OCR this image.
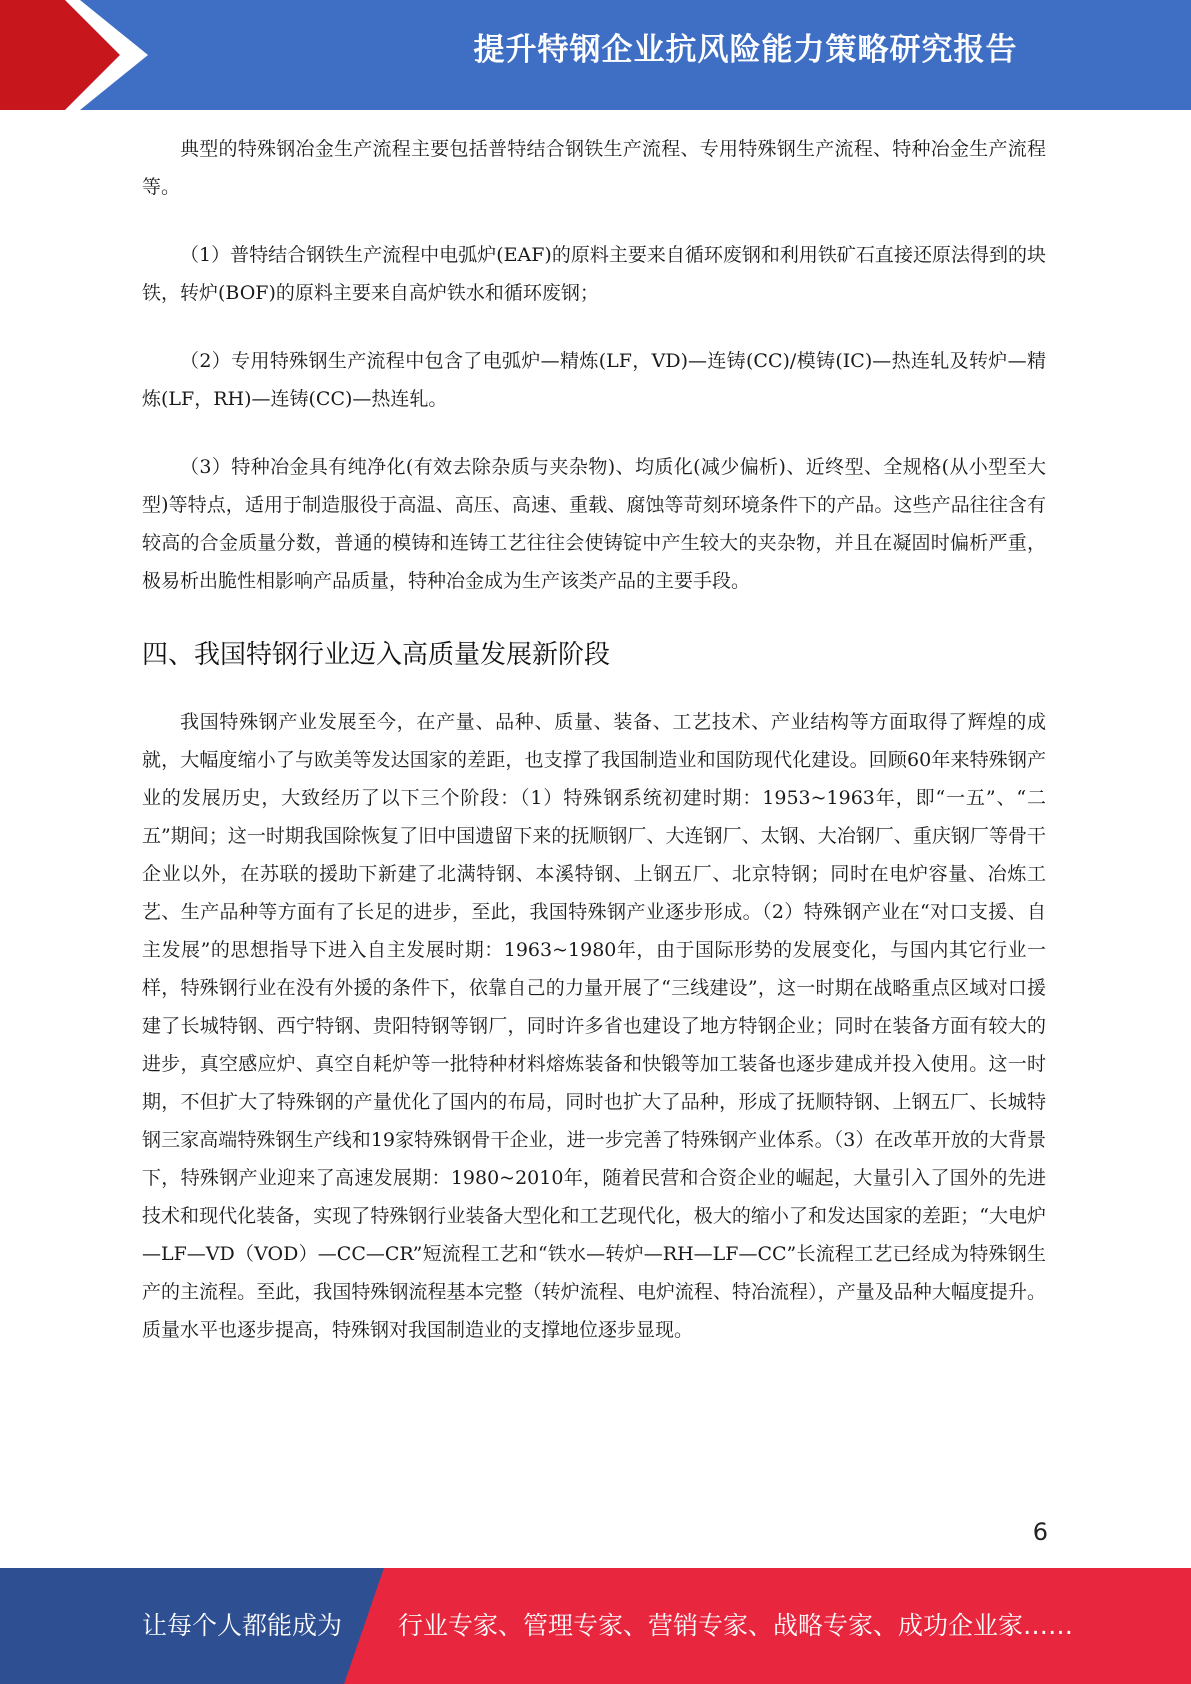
提升特钢企业抗风险能力策略研究报告

典型的特殊钢冶金生产流程主要包括普特结合钢铁生产流程、专用特殊钢生产流程、特种冶金生产流程等。

（1）普特结合钢铁生产流程中电弧炉(EAF)的原料主要来自循环废钢和利用铁矿石直接还原法得到的块铁，转炉(BOF)的原料主要来自高炉铁水和循环废钢；

（2）专用特殊钢生产流程中包含了电弧炉—精炼(LF，VD)—连铸(CC)/模铸(IC)—热连轧及转炉—精炼(LF，RH)—连铸(CC)—热连轧。

（3）特种冶金具有纯净化(有效去除杂质与夹杂物)、均质化(减少偏析)、近终型、全规格(从小型至大型)等特点，适用于制造服役于高温、高压、高速、重载、腐蚀等苛刻环境条件下的产品。这些产品往往含有较高的合金质量分数，普通的模铸和连铸工艺往往会使铸锭中产生较大的夹杂物，并且在凝固时偏析严重，极易析出脆性相影响产品质量，特种冶金成为生产该类产品的主要手段。

四、我国特钢行业迈入高质量发展新阶段

我国特殊钢产业发展至今，在产量、品种、质量、装备、工艺技术、产业结构等方面取得了辉煌的成就，大幅度缩小了与欧美等发达国家的差距，也支撑了我国制造业和国防现代化建设。回顾60年来特殊钢产业的发展历史，大致经历了以下三个阶段：（1）特殊钢系统初建时期：1953~1963年，即“一五”、“二五”期间；这一时期我国除恢复了旧中国遗留下来的抚顺钢厂、大连钢厂、太钢、大冶钢厂、重庆钢厂等骨干企业以外，在苏联的援助下新建了北满特钢、本溪特钢、上钢五厂、北京特钢；同时在电炉容量、冶炼工艺、生产品种等方面有了长足的进步，至此，我国特殊钢产业逐步形成。（2）特殊钢产业在“对口支援、自主发展”的思想指导下进入自主发展时期：1963~1980年，由于国际形势的发展变化，与国内其它行业一样，特殊钢行业在没有外援的条件下，依靠自己的力量开展了“三线建设”，这一时期在战略重点区域对口援建了长城特钢、西宁特钢、贵阳特钢等钢厂，同时许多省也建设了地方特钢企业；同时在装备方面有较大的进步，真空感应炉、真空自耗炉等一批特种材料熔炼装备和快锻等加工装备也逐步建成并投入使用。这一时期，不但扩大了特殊钢的产量优化了国内的布局，同时也扩大了品种，形成了抚顺特钢、上钢五厂、长城特钢三家高端特殊钢生产线和19家特殊钢骨干企业，进一步完善了特殊钢产业体系。（3）在改革开放的大背景下，特殊钢产业迎来了高速发展期：1980~2010年，随着民营和合资企业的崛起，大量引入了国外的先进技术和现代化装备，实现了特殊钢行业装备大型化和工艺现代化，极大的缩小了和发达国家的差距；“大电炉—LF—VD（VOD）—CC—CR”短流程工艺和“铁水—转炉—RH—LF—CC”长流程工艺已经成为特殊钢生产的主流程。至此，我国特殊钢流程基本完整（转炉流程、电炉流程、特冶流程），产量及品种大幅度提升。质量水平也逐步提高，特殊钢对我国制造业的支撑地位逐步显现。

6
让每个人都能成为 行业专家、管理专家、营销专家、战略专家、成功企业家……
